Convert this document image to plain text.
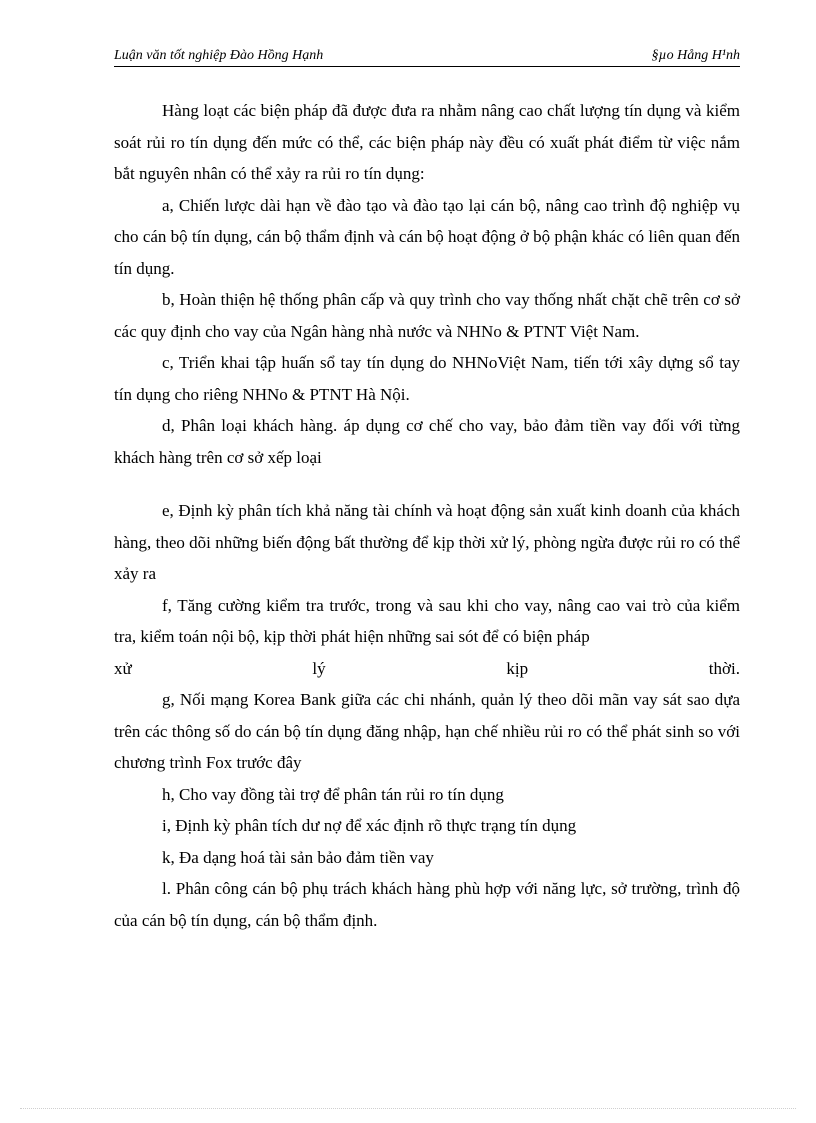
Luận văn tốt nghiệp Đào Hồng Hạnh	§µo Hång H¹nh

Hàng loạt các biện pháp đã được đưa ra nhằm nâng cao chất lượng tín dụng và kiểm soát rủi ro tín dụng đến mức có thể, các biện pháp này đều có xuất phát điểm từ việc nắm bắt nguyên nhân có thể xảy ra rủi ro tín dụng:

a, Chiến lược dài hạn về đào tạo và đào tạo lại cán bộ, nâng cao trình độ nghiệp vụ cho cán bộ tín dụng, cán bộ thẩm định và cán bộ hoạt động ở bộ phận khác có liên quan đến tín dụng.

b, Hoàn thiện hệ thống phân cấp và quy trình cho vay thống nhất chặt chẽ trên cơ sở các quy định cho vay của Ngân hàng nhà nước và NHNo & PTNT Việt Nam.

c, Triển khai tập huấn sổ tay tín dụng do NHNoViệt Nam, tiến tới xây dựng sổ tay tín dụng cho riêng NHNo & PTNT Hà Nội.

d, Phân loại khách hàng. áp dụng cơ chế cho vay, bảo đảm tiền vay đối với từng khách hàng trên cơ sở xếp loại

e, Định kỳ phân tích khả năng tài chính và hoạt động sản xuất kinh doanh của khách hàng, theo dõi những biến động bất thường để kịp thời xử lý, phòng ngừa được rủi ro có thể xảy ra

f, Tăng cường kiểm tra trước, trong và sau khi cho vay, nâng cao vai trò của kiểm tra, kiểm toán nội bộ, kịp thời phát hiện những sai sót để có biện pháp

xử lý kịp thời.

g, Nối mạng Korea Bank giữa các chi nhánh, quản lý theo dõi mãn vay sát sao dựa trên các thông số do cán bộ tín dụng đăng nhập, hạn chế nhiều rủi ro có thể phát sinh so với chương trình Fox trước đây

h, Cho vay đồng tài trợ để phân tán rủi ro tín dụng

i, Định kỳ phân tích dư nợ để xác định rõ thực trạng tín dụng

k, Đa dạng hoá tài sản bảo đảm tiền vay

l. Phân công cán bộ phụ trách khách hàng phù hợp với năng lực, sở trường, trình độ của cán bộ tín dụng, cán bộ thẩm định.
